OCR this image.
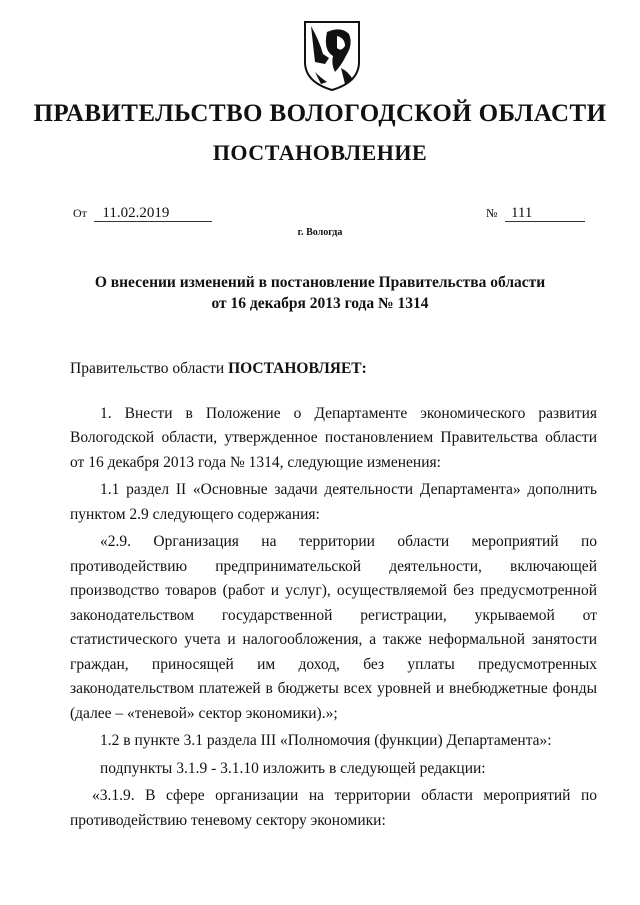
ПРАВИТЕЛЬСТВО ВОЛОГОДСКОЙ ОБЛАСТИ
ПОСТАНОВЛЕНИЕ
От 11.02.2019	№ 111
г. Вологда
О внесении изменений в постановление Правительства области
от 16 декабря 2013 года № 1314

Правительство области ПОСТАНОВЛЯЕТ:

1. Внести в Положение о Департаменте экономического развития Вологодской области, утвержденное постановлением Правительства области от 16 декабря 2013 года № 1314, следующие изменения:

1.1 раздел II «Основные задачи деятельности Департамента» дополнить пунктом 2.9 следующего содержания:

«2.9. Организация на территории области мероприятий по противодействию предпринимательской деятельности, включающей производство товаров (работ и услуг), осуществляемой без предусмотренной законодательством государственной регистрации, укрываемой от статистического учета и налогообложения, а также неформальной занятости граждан, приносящей им доход, без уплаты предусмотренных законодательством платежей в бюджеты всех уровней и внебюджетные фонды (далее – «теневой» сектор экономики).»;

1.2 в пункте 3.1 раздела III «Полномочия (функции) Департамента»:

подпункты 3.1.9 - 3.1.10 изложить в следующей редакции:

«3.1.9. В сфере организации на территории области мероприятий по противодействию теневому сектору экономики:
